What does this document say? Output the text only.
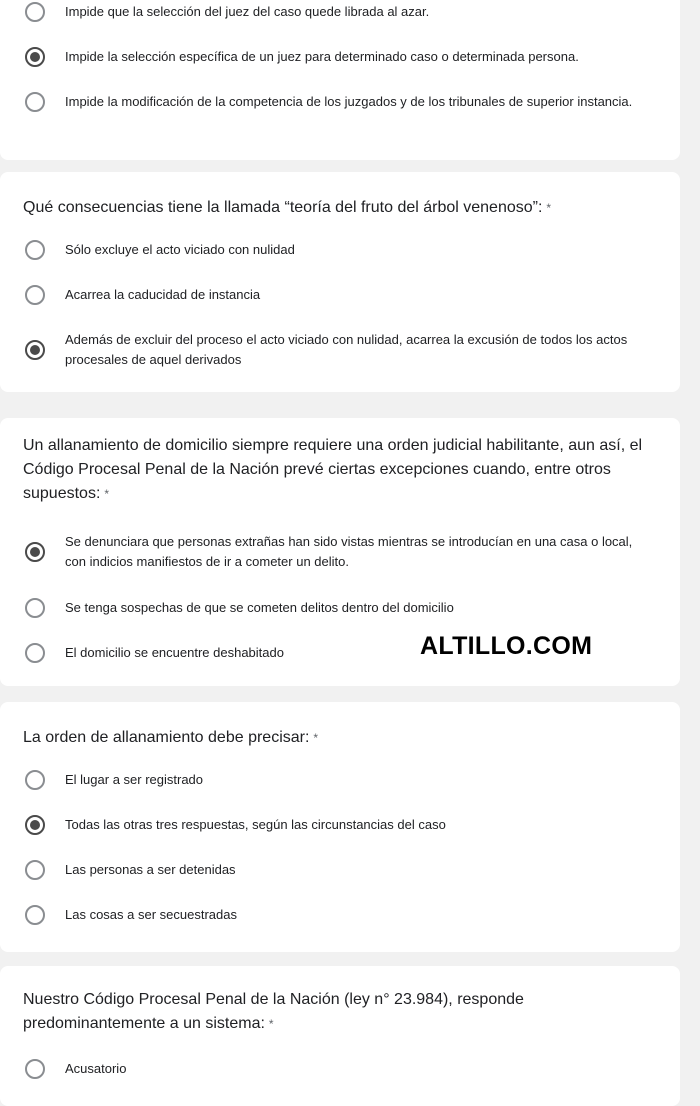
Impide que la selección del juez del caso quede librada al azar.
Impide la selección específica de un juez para determinado caso o determinada persona.
Impide la modificación de la competencia de los juzgados y de los tribunales de superior instancia.
Qué consecuencias tiene la llamada “teoría del fruto del árbol venenoso”: *
Sólo excluye el acto viciado con nulidad
Acarrea la caducidad de instancia
Además de excluir del proceso el acto viciado con nulidad, acarrea la excusión de todos los actos procesales de aquel derivados
Un allanamiento de domicilio siempre requiere una orden judicial habilitante, aun así, el Código Procesal Penal de la Nación prevé ciertas excepciones cuando, entre otros supuestos: *
Se denunciara que personas extrañas han sido vistas mientras se introducían en una casa o local, con indicios manifiestos de ir a cometer un delito.
Se tenga sospechas de que se cometen delitos dentro del domicilio
El domicilio se encuentre deshabitado	ALTILLO.COM
La orden de allanamiento debe precisar: *
El lugar a ser registrado
Todas las otras tres respuestas, según las circunstancias del caso
Las personas a ser detenidas
Las cosas a ser secuestradas
Nuestro Código Procesal Penal de la Nación (ley n° 23.984), responde predominantemente a un sistema: *
Acusatorio
